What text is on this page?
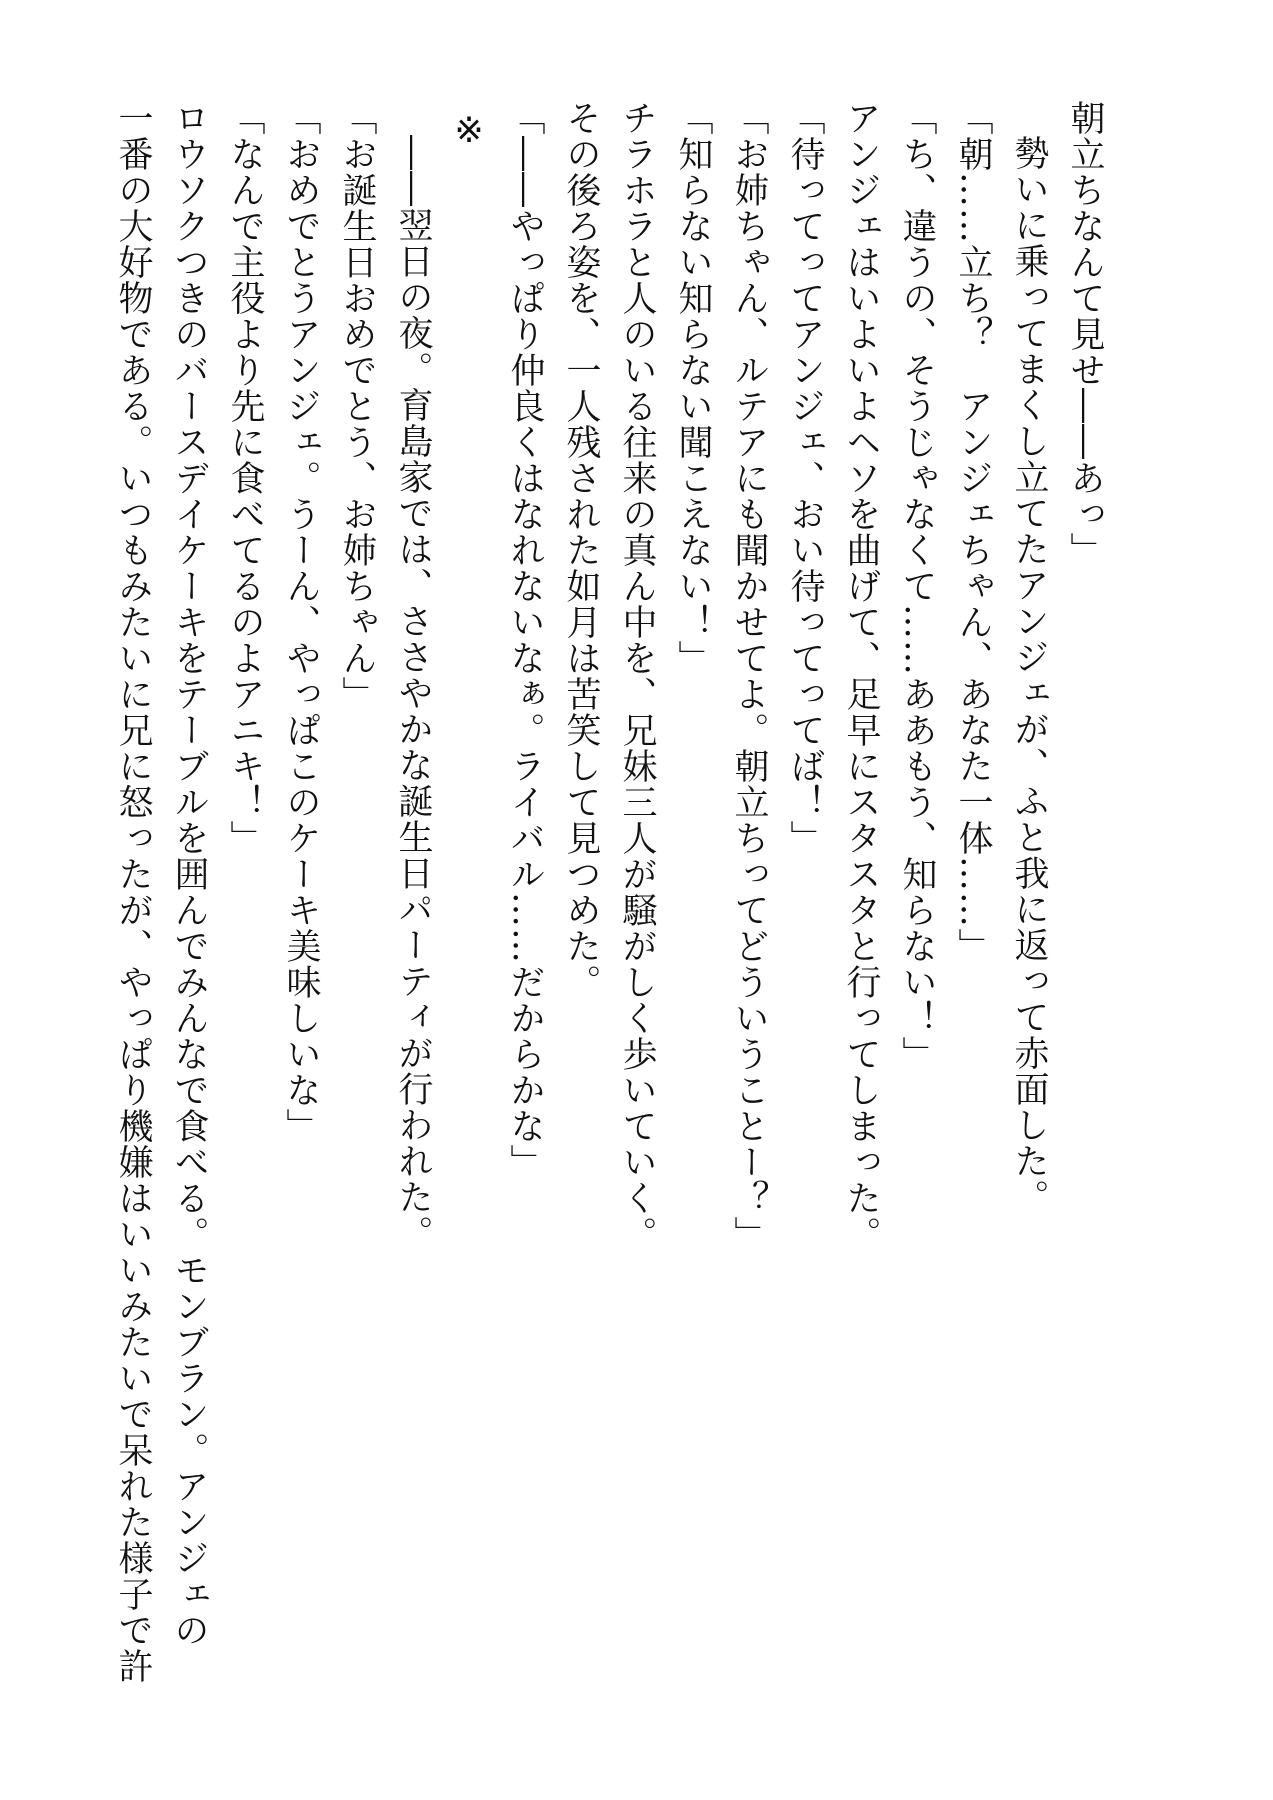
朝立ちなんて見せ――あっ」
勢いに乗ってまくし立てたアンジェが、ふと我に返って赤面した。
「朝……立ち？　アンジェちゃん、あなた一体……」
「ち、違うの、そうじゃなくて……ああもう、知らない！」
アンジェはいよいよヘソを曲げて、足早にスタスタと行ってしまった。
「待ってってアンジェ、おい待ってってば！」
「お姉ちゃん、ルテアにも聞かせてよ。朝立ちってどういうことー？」
「知らない知らない聞こえない！」
チラホラと人のいる往来の真ん中を、兄妹三人が騒がしく歩いていく。
その後ろ姿を、一人残された如月は苦笑して見つめた。
「――やっぱり仲良くはなれないなぁ。ライバル……だからかな」
※
――翌日の夜。育島家では、ささやかな誕生日パーティが行われた。
「お誕生日おめでとう、お姉ちゃん」
「おめでとうアンジェ。うーん、やっぱこのケーキ美味しいな」
「なんで主役より先に食べてるのよアニキ！」
ロウソクつきのバースデイケーキをテーブルを囲んでみんなで食べる。モンブラン。アンジェの
一番の大好物である。いつもみたいに兄に怒ったが、やっぱり機嫌はいいみたいで呆れた様子で許
